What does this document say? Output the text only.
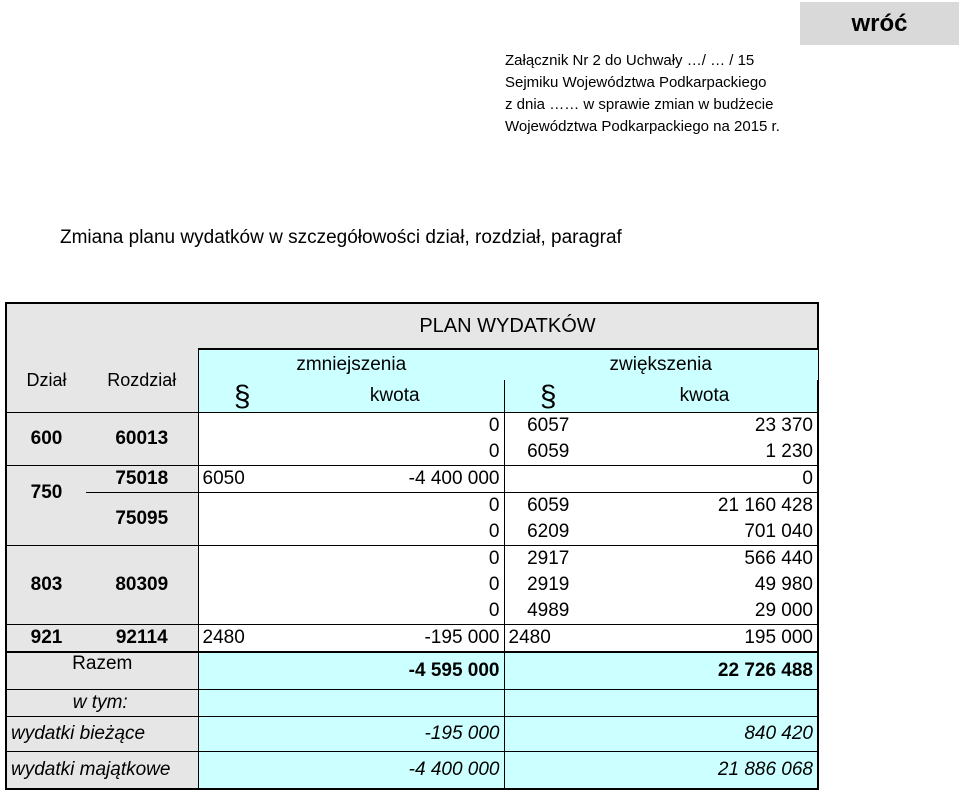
wróć
Załącznik Nr 2 do Uchwały …/ … / 15
Sejmiku Województwa Podkarpackiego
z dnia …… w sprawie zmian w budżecie
Województwa Podkarpackiego na 2015 r.
Zmiana planu wydatków w szczegółowości dział, rozdział, paragraf
		PLAN WYDATKÓW			
Dział	Rozdział	zmniejszenia		zwiększenia	
		§	kwota	§	kwota
600	60013		0	6057	23 370
			0	6059	1 230
750	75018	6050	-4 400 000		0
	75095		0	6059	21 160 428
			0	6209	701 040
803	80309		0	2917	566 440
			0	2919	49 980
			0	4989	29 000
921	92114	2480	-195 000	2480	195 000
Razem			-4 595 000		22 726 488
w tym:					
wydatki bieżące			-195 000		840 420
wydatki majątkowe			-4 400 000		21 886 068
